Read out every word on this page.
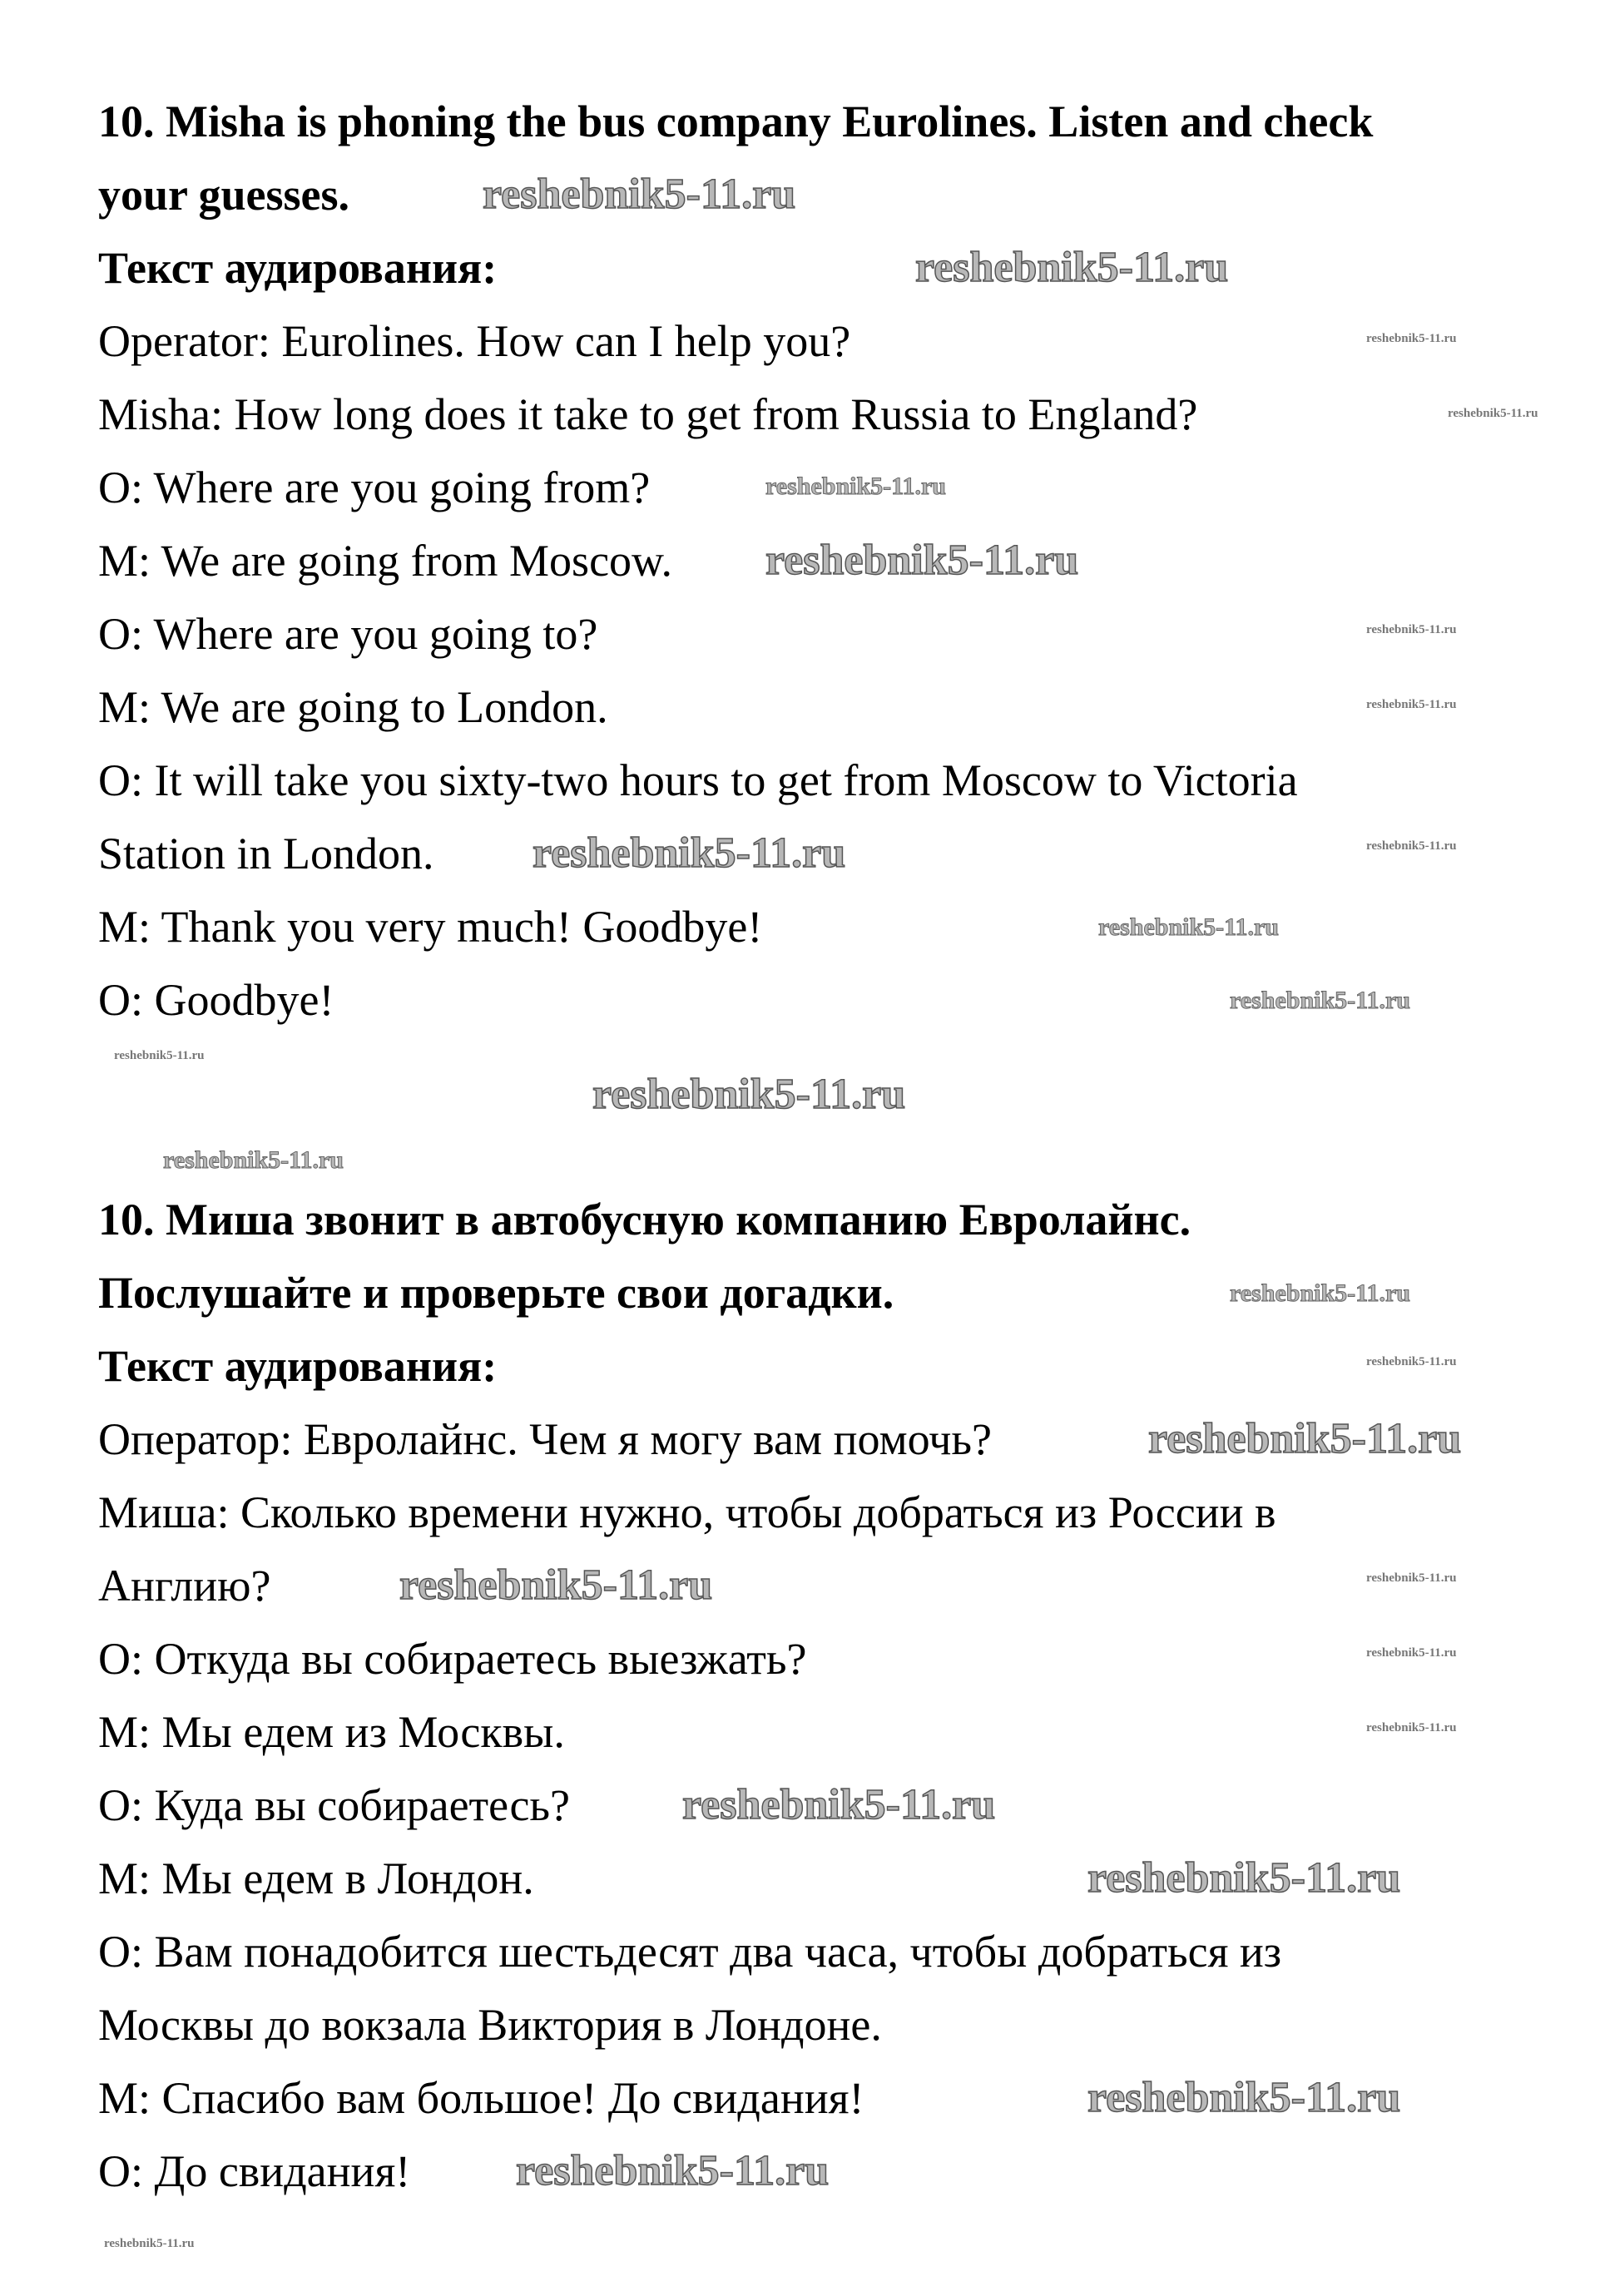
10. Misha is phoning the bus company Eurolines. Listen and check
your guesses.
Текст аудирования:
Operator: Eurolines. How can I help you?
Misha: How long does it take to get from Russia to England?
O: Where are you going from?
M: We are going from Moscow.
O: Where are you going to?
M: We are going to London.
O: It will take you sixty-two hours to get from Moscow to Victoria
Station in London.
M: Thank you very much! Goodbye!
O: Goodbye!
10. Миша звонит в автобусную компанию Евролайнс.
Послушайте и проверьте свои догадки.
Текст аудирования:
Оператор: Евролайнс. Чем я могу вам помочь?
Миша: Сколько времени нужно, чтобы добраться из России в
Англию?
О: Откуда вы собираетесь выезжать?
М: Мы едем из Москвы.
О: Куда вы собираетесь?
М: Мы едем в Лондон.
О: Вам понадобится шестьдесят два часа, чтобы добраться из
Москвы до вокзала Виктория в Лондоне.
М: Спасибо вам большое! До свидания!
О: До свидания!
reshebnik5-11.ru
reshebnik5-11.ru
reshebnik5-11.ru
reshebnik5-11.ru
reshebnik5-11.ru
reshebnik5-11.ru
reshebnik5-11.ru
reshebnik5-11.ru
reshebnik5-11.ru
reshebnik5-11.ru
reshebnik5-11.ru
reshebnik5-11.ru
reshebnik5-11.ru
reshebnik5-11.ru
reshebnik5-11.ru
reshebnik5-11.ru
reshebnik5-11.ru
reshebnik5-11.ru
reshebnik5-11.ru
reshebnik5-11.ru
reshebnik5-11.ru
reshebnik5-11.ru
reshebnik5-11.ru
reshebnik5-11.ru
reshebnik5-11.ru
reshebnik5-11.ru
reshebnik5-11.ru
